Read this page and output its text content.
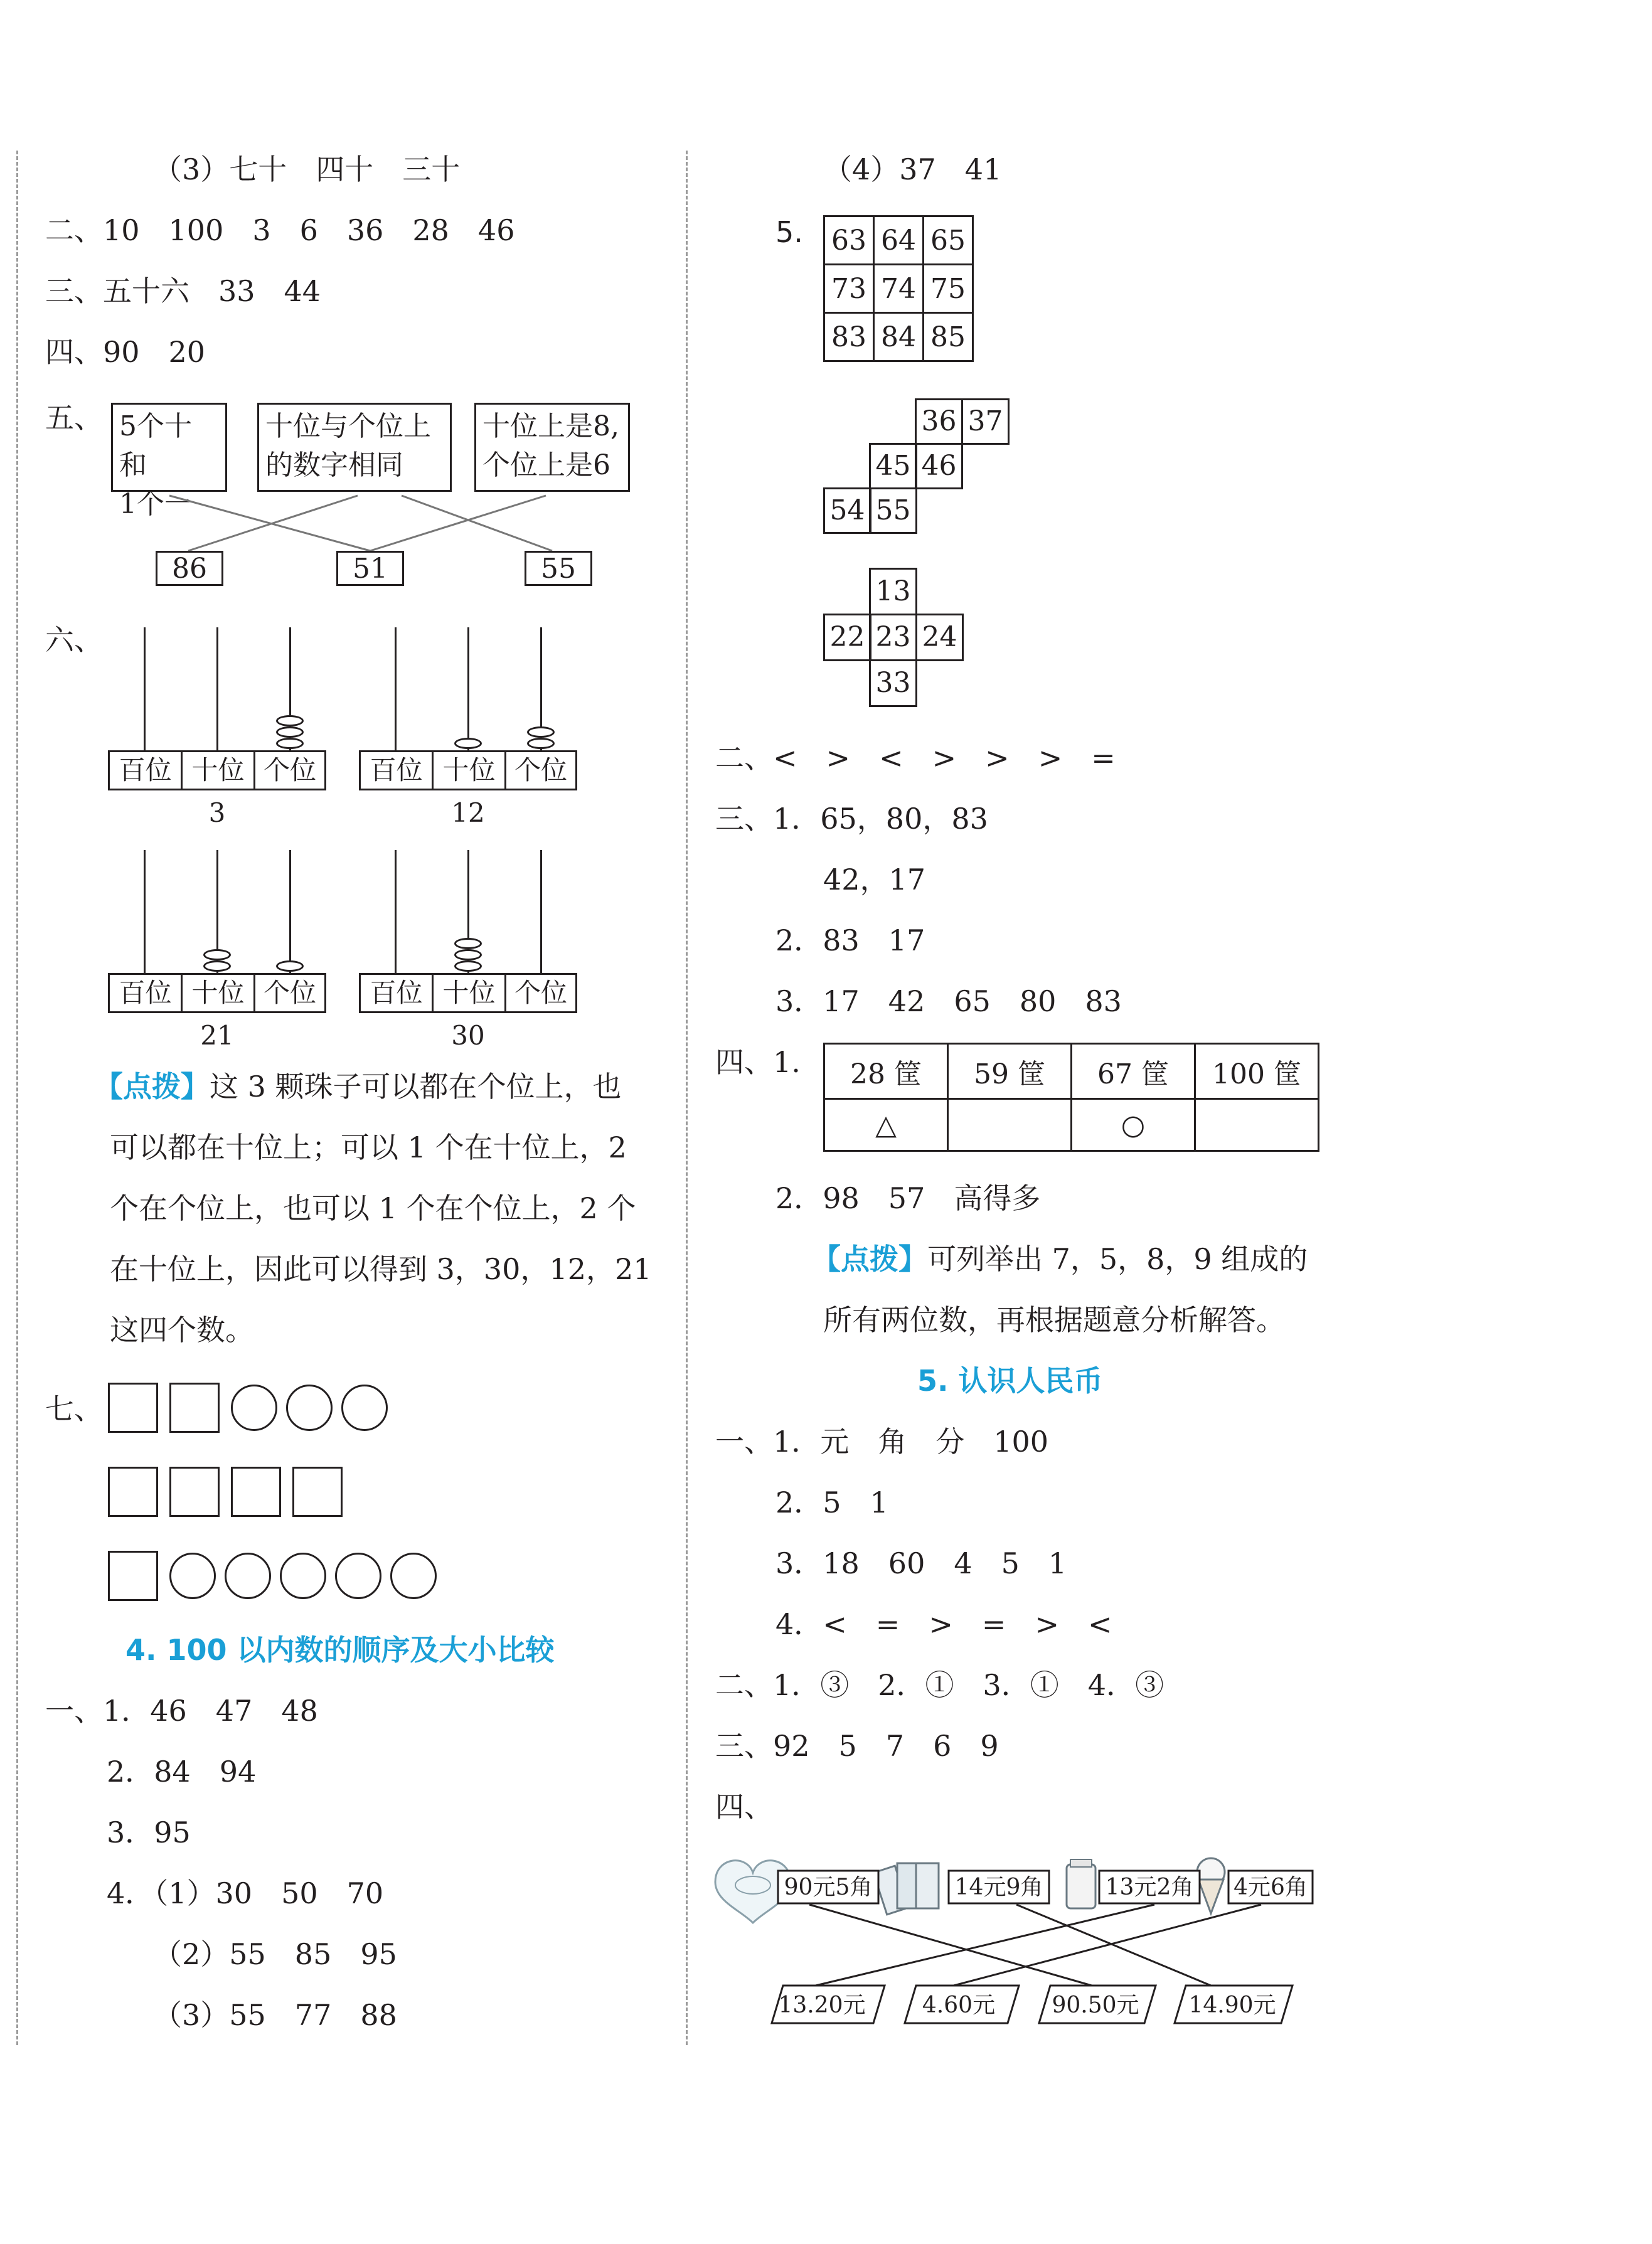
（3）七十　四十　三十
二、10　100　3　6　36　28　46
三、五十六　33　44
四、90　20
五、 5个十和
1个一
十位与个位上
的数字相同
十位上是8,
个位上是6
86	51	55
六、
百位 十位 个位
3
百位 十位 个位
12
百位 十位 个位
21
百位 十位 个位
30
【点拨】这 3 颗珠子可以都在个位上，也
可以都在十位上；可以 1 个在十位上，2
个在个位上，也可以 1 个在个位上，2 个
在十位上，因此可以得到 3，30，12，21
这四个数。
七、
4. 100 以内数的顺序及大小比较
一、1．46　47　48
2．84　94
3．95
4．（1）30　50　70
（2）55　85　95
（3）55　77　88
（4）37　41
5. 63	64	65
73	74	75
83	84	85
36 37
45 46
54 55
13
22 23 24
33
二、<　>　<　>　>　>　=
三、1．65，80，83
42，17
2．83　17
3．17　42　65　80　83
四、1. 28 筐	59 筐	67 筐	100 筐
△		○	
2．98　57　高得多
【点拨】可列举出 7，5，8，9 组成的
所有两位数，再根据题意分析解答。
5. 认识人民币
一、1．元　角　分　100
2．5　1
3．18　60　4　5　1
4．<　=　>　=　>　<
二、1．③　2．①　3．①　4．③
三、92　5　7　6　9
四、
90元5角	14元9角	13元2角 4元6角
13.20元	4.60元	90.50元 14.90元
